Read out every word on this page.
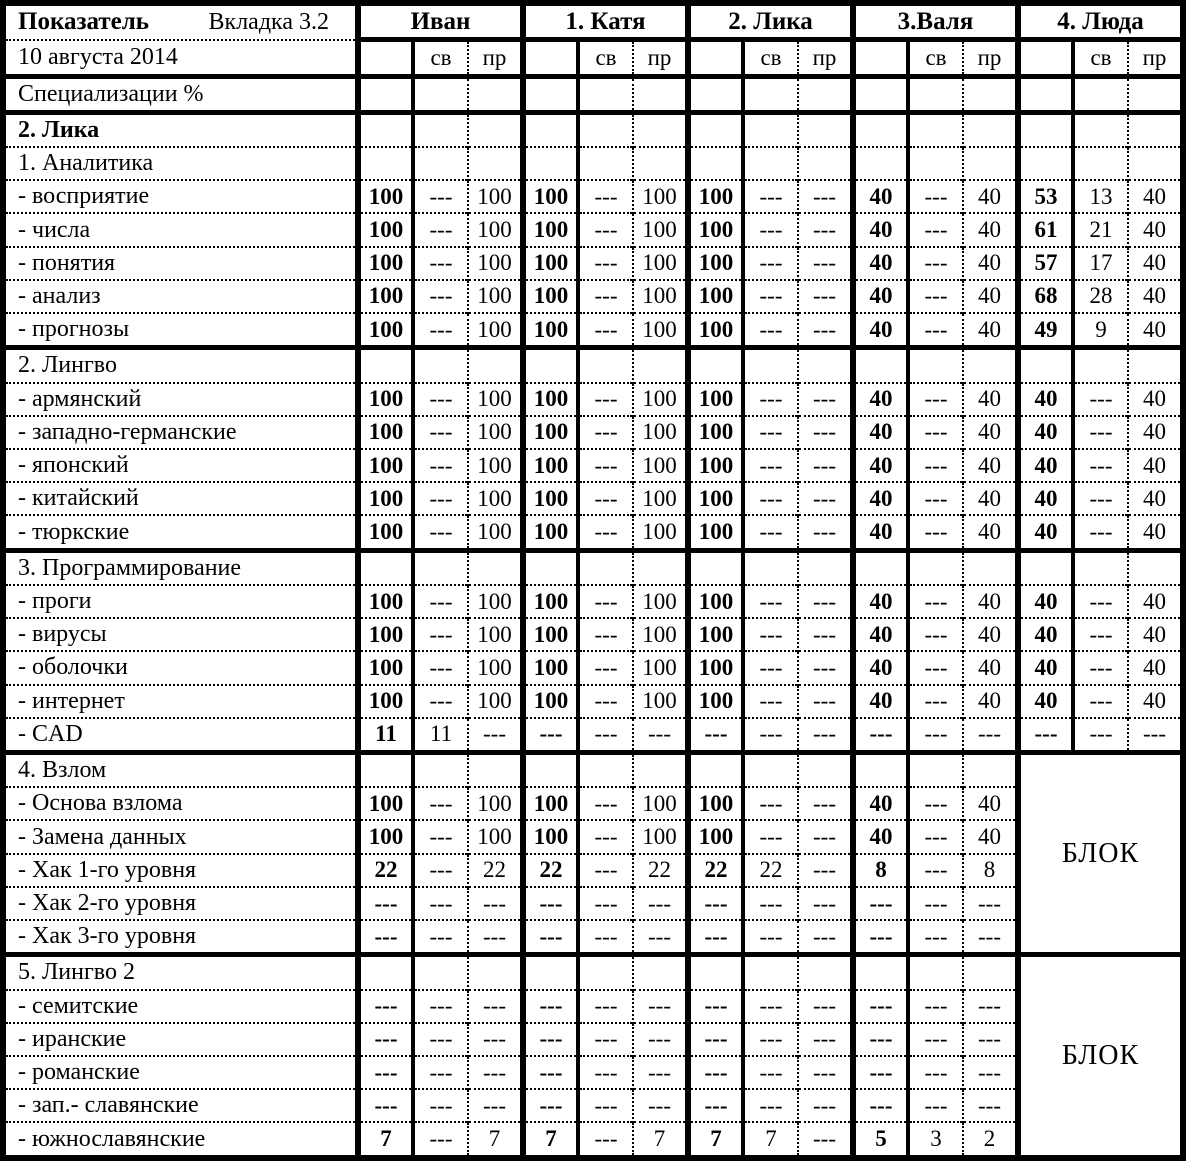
Показатель Вкладка 3.2	Иван			1. Катя			2. Лика			3.Валя			4. Люда		
10 августа 2014		св	пр		св	пр		св	пр		св	пр		св	пр
Специализации %															
2. Лика															
1. Аналитика															
- восприятие	100	---	100	100	---	100	100	---	---	40	---	40	53	13	40
- числа	100	---	100	100	---	100	100	---	---	40	---	40	61	21	40
- понятия	100	---	100	100	---	100	100	---	---	40	---	40	57	17	40
- анализ	100	---	100	100	---	100	100	---	---	40	---	40	68	28	40
- прогнозы	100	---	100	100	---	100	100	---	---	40	---	40	49	9	40
2. Лингво															
- армянский	100	---	100	100	---	100	100	---	---	40	---	40	40	---	40
- западно-германские	100	---	100	100	---	100	100	---	---	40	---	40	40	---	40
- японский	100	---	100	100	---	100	100	---	---	40	---	40	40	---	40
- китайский	100	---	100	100	---	100	100	---	---	40	---	40	40	---	40
- тюркские	100	---	100	100	---	100	100	---	---	40	---	40	40	---	40
3. Программирование															
- проги	100	---	100	100	---	100	100	---	---	40	---	40	40	---	40
- вирусы	100	---	100	100	---	100	100	---	---	40	---	40	40	---	40
- оболочки	100	---	100	100	---	100	100	---	---	40	---	40	40	---	40
- интернет	100	---	100	100	---	100	100	---	---	40	---	40	40	---	40
- CAD	11	11	---	---	---	---	---	---	---	---	---	---	---	---	---
4. Взлом													БЛОК		
- Основа взлома	100	---	100	100	---	100	100	---	---	40	---	40			
- Замена данных	100	---	100	100	---	100	100	---	---	40	---	40			
- Хак 1-го уровня	22	---	22	22	---	22	22	22	---	8	---	8			
- Хак 2-го уровня	---	---	---	---	---	---	---	---	---	---	---	---			
- Хак 3-го уровня	---	---	---	---	---	---	---	---	---	---	---	---			
5. Лингво 2													БЛОК		
- семитские	---	---	---	---	---	---	---	---	---	---	---	---			
- иранские	---	---	---	---	---	---	---	---	---	---	---	---			
- романские	---	---	---	---	---	---	---	---	---	---	---	---			
- зап.- славянские	---	---	---	---	---	---	---	---	---	---	---	---			
- южнославянские	7	---	7	7	---	7	7	7	---	5	3	2			
